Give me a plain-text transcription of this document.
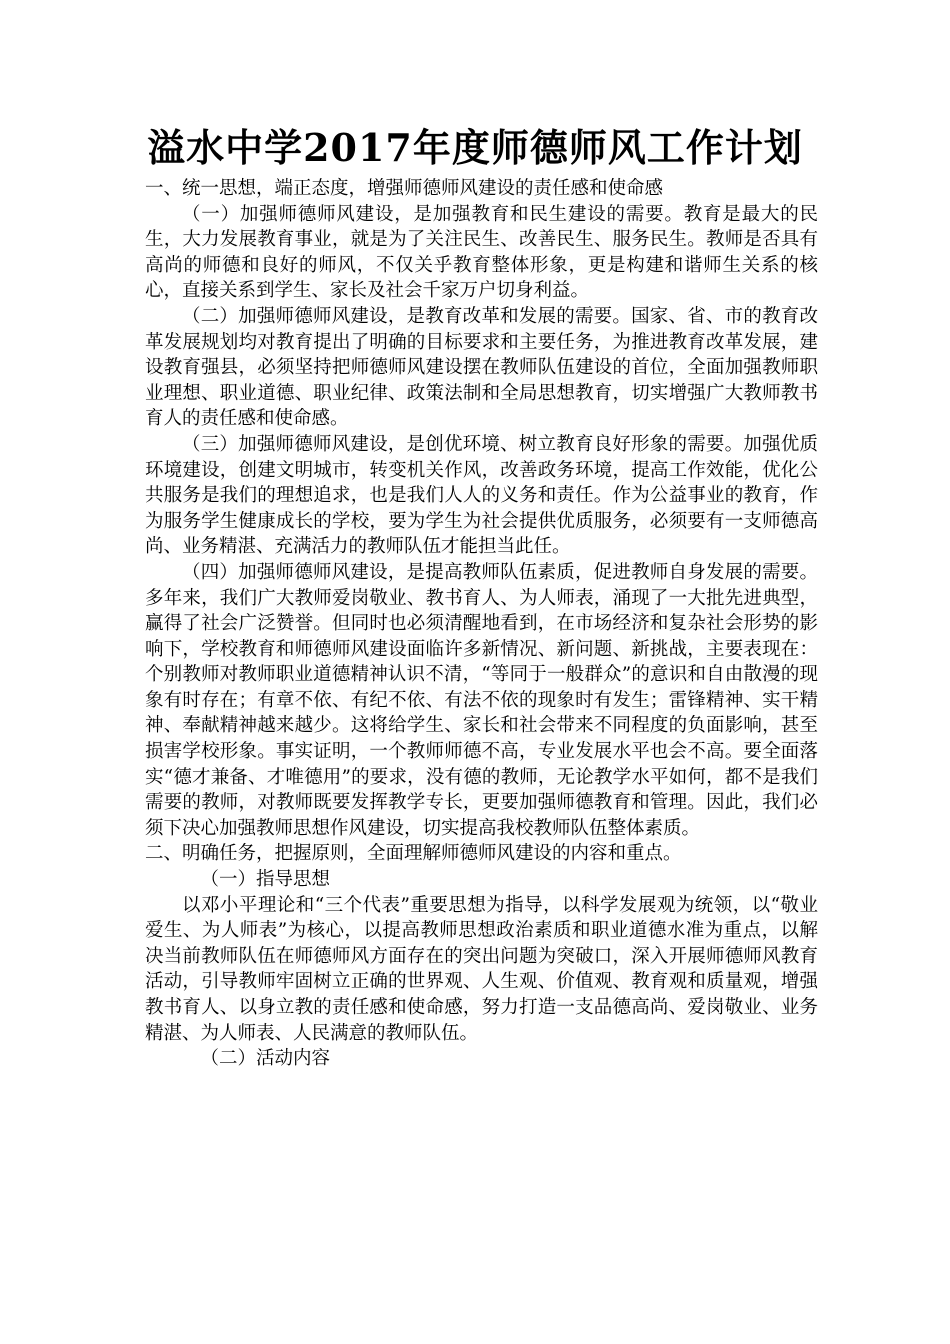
溢水中学2017年度师德师风工作计划

一、统一思想，端正态度，增强师德师风建设的责任感和使命感

（一）加强师德师风建设，是加强教育和民生建设的需要。教育是最大的民生，大力发展教育事业，就是为了关注民生、改善民生、服务民生。教师是否具有高尚的师德和良好的师风，不仅关乎教育整体形象，更是构建和谐师生关系的核心，直接关系到学生、家长及社会千家万户切身利益。

（二）加强师德师风建设，是教育改革和发展的需要。国家、省、市的教育改革发展规划均对教育提出了明确的目标要求和主要任务，为推进教育改革发展，建设教育强县，必须坚持把师德师风建设摆在教师队伍建设的首位，全面加强教师职业理想、职业道德、职业纪律、政策法制和全局思想教育，切实增强广大教师教书育人的责任感和使命感。

（三）加强师德师风建设，是创优环境、树立教育良好形象的需要。加强优质环境建设，创建文明城市，转变机关作风，改善政务环境，提高工作效能，优化公共服务是我们的理想追求，也是我们人人的义务和责任。作为公益事业的教育，作为服务学生健康成长的学校，要为学生为社会提供优质服务，必须要有一支师德高尚、业务精湛、充满活力的教师队伍才能担当此任。

（四）加强师德师风建设，是提高教师队伍素质，促进教师自身发展的需要。多年来，我们广大教师爱岗敬业、教书育人、为人师表，涌现了一大批先进典型，赢得了社会广泛赞誉。但同时也必须清醒地看到，在市场经济和复杂社会形势的影响下，学校教育和师德师风建设面临许多新情况、新问题、新挑战，主要表现在：个别教师对教师职业道德精神认识不清，“等同于一般群众”的意识和自由散漫的现象有时存在；有章不依、有纪不依、有法不依的现象时有发生；雷锋精神、实干精神、奉献精神越来越少。这将给学生、家长和社会带来不同程度的负面影响，甚至损害学校形象。事实证明，一个教师师德不高，专业发展水平也会不高。要全面落实“德才兼备、才唯德用”的要求，没有德的教师，无论教学水平如何，都不是我们需要的教师，对教师既要发挥教学专长，更要加强师德教育和管理。因此，我们必须下决心加强教师思想作风建设，切实提高我校教师队伍整体素质。

二、明确任务，把握原则，全面理解师德师风建设的内容和重点。

（一）指导思想

以邓小平理论和“三个代表”重要思想为指导，以科学发展观为统领，以“敬业爱生、为人师表”为核心，以提高教师思想政治素质和职业道德水准为重点，以解决当前教师队伍在师德师风方面存在的突出问题为突破口，深入开展师德师风教育活动，引导教师牢固树立正确的世界观、人生观、价值观、教育观和质量观，增强教书育人、以身立教的责任感和使命感，努力打造一支品德高尚、爱岗敬业、业务精湛、为人师表、人民满意的教师队伍。

（二）活动内容
